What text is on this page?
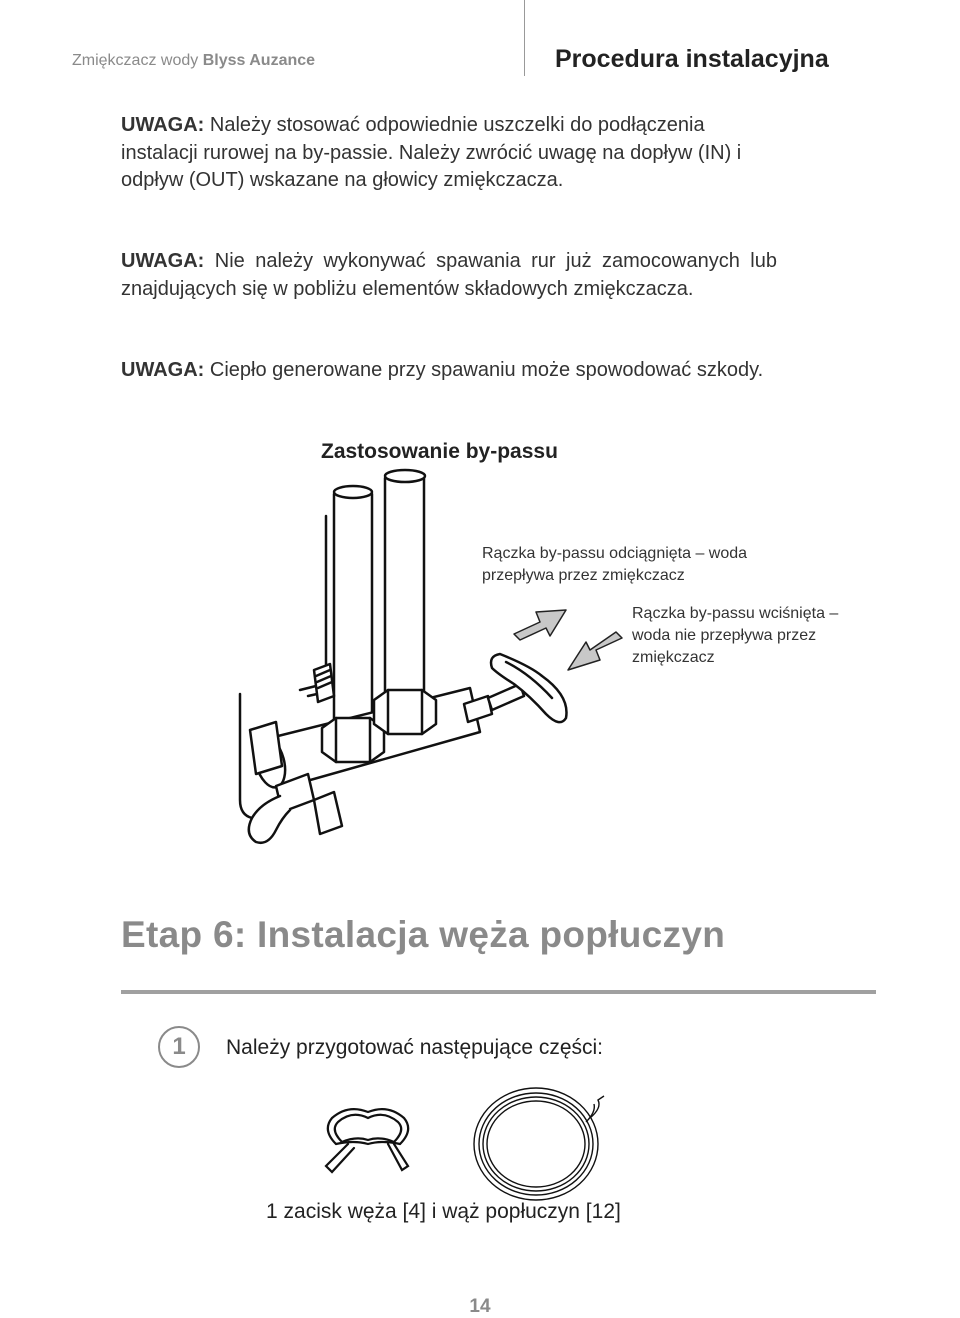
Zmiękczacz wody Blyss Auzance	Procedura instalacyjna
UWAGA: Należy stosować odpowiednie uszczelki do podłączenia instalacji rurowej na by-passie. Należy zwrócić uwagę na dopływ (IN) i odpływ (OUT) wskazane na głowicy zmiękczacza.
UWAGA: Nie należy wykonywać spawania rur już zamocowanych lub znajdujących się w pobliżu elementów składowych zmiękczacza.
UWAGA: Ciepło generowane przy spawaniu może spowodować szkody.
Zastosowanie by-passu
Rączka by-passu odciągnięta – woda przepływa przez zmiękczacz
Rączka by-passu wciśnięta – woda nie przepływa przez zmiękczacz
Etap 6: Instalacja węża popłuczyn
1	Należy przygotować następujące części:
1 zacisk węża [4] i wąż popłuczyn [12]
14
